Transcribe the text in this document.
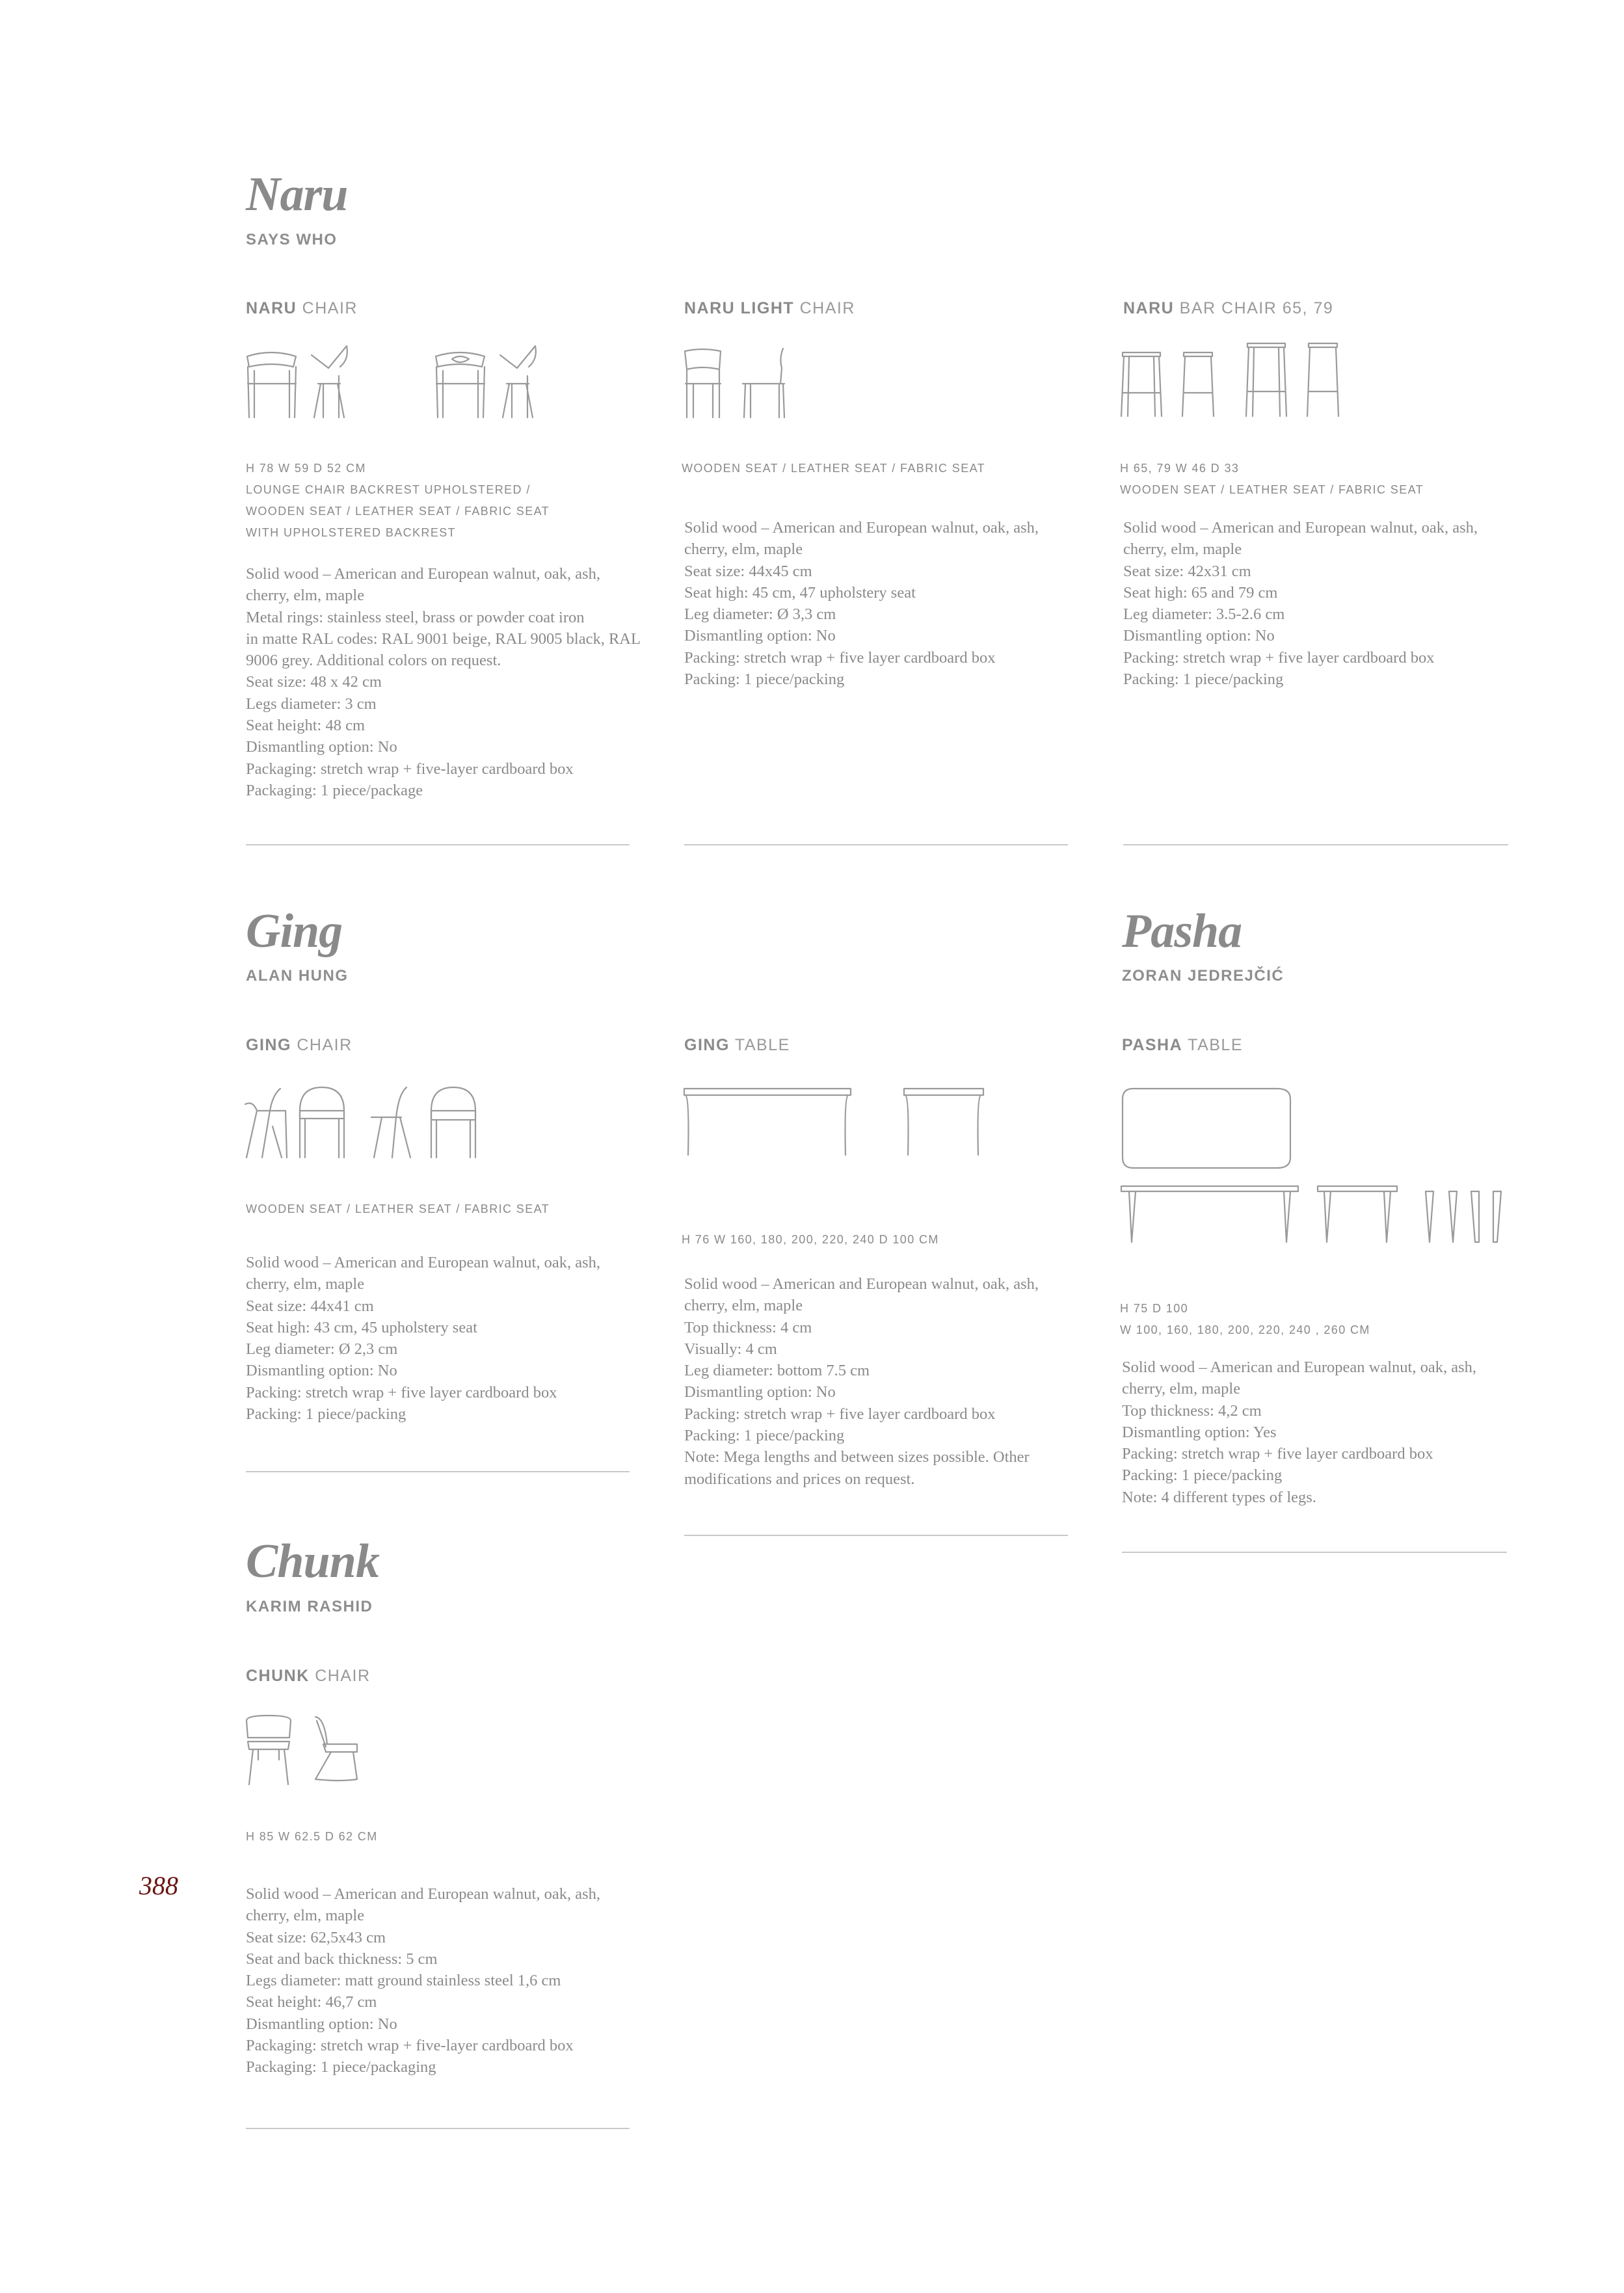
Naru
SAYS WHO
NARU CHAIR
H 78 W 59 D 52 CM
LOUNGE CHAIR BACKREST UPHOLSTERED /
WOODEN SEAT / LEATHER SEAT / FABRIC SEAT
WITH UPHOLSTERED BACKREST
Solid wood – American and European walnut, oak, ash,
cherry, elm, maple
Metal rings: stainless steel, brass or powder coat iron
in matte RAL codes: RAL 9001 beige, RAL 9005 black, RAL
9006 grey. Additional colors on request.
Seat size: 48 x 42 cm
Legs diameter: 3 cm
Seat height: 48 cm
Dismantling option: No
Packaging: stretch wrap + five-layer cardboard box
Packaging: 1 piece/package
NARU LIGHT CHAIR
WOODEN SEAT / LEATHER SEAT / FABRIC SEAT
Solid wood – American and European walnut, oak, ash,
cherry, elm, maple
Seat size: 44x45 cm
Seat high: 45 cm, 47 upholstery seat
Leg diameter: Ø 3,3 cm
Dismantling option: No
Packing: stretch wrap + five layer cardboard box
Packing: 1 piece/packing
NARU BAR CHAIR 65, 79
H 65, 79 W 46 D 33
WOODEN SEAT / LEATHER SEAT / FABRIC SEAT
Solid wood – American and European walnut, oak, ash,
cherry, elm, maple
Seat size: 42x31 cm
Seat high: 65 and 79 cm
Leg diameter: 3.5-2.6 cm
Dismantling option: No
Packing: stretch wrap + five layer cardboard box
Packing: 1 piece/packing
Ging
ALAN HUNG
GING CHAIR
WOODEN SEAT / LEATHER SEAT / FABRIC SEAT
Solid wood – American and European walnut, oak, ash,
cherry, elm, maple
Seat size: 44x41 cm
Seat high: 43 cm, 45 upholstery seat
Leg diameter: Ø 2,3 cm
Dismantling option: No
Packing: stretch wrap + five layer cardboard box
Packing: 1 piece/packing
GING TABLE
H 76 W 160, 180, 200, 220, 240 D 100 CM
Solid wood – American and European walnut, oak, ash,
cherry, elm, maple
Top thickness: 4 cm
Visually: 4 cm
Leg diameter: bottom 7.5 cm
Dismantling option: No
Packing: stretch wrap + five layer cardboard box
Packing: 1 piece/packing
Note: Mega lengths and between sizes possible. Other
modifications and prices on request.
Pasha
ZORAN JEDREJČIĆ
PASHA TABLE
H 75 D 100
W 100, 160, 180, 200, 220, 240 , 260 CM
Solid wood – American and European walnut, oak, ash,
cherry, elm, maple
Top thickness: 4,2 cm
Dismantling option: Yes
Packing: stretch wrap + five layer cardboard box
Packing: 1 piece/packing
Note: 4 different types of legs.
Chunk
KARIM RASHID
CHUNK CHAIR
H 85 W 62.5 D 62 CM
Solid wood – American and European walnut, oak, ash,
cherry, elm, maple
Seat size: 62,5x43 cm
Seat and back thickness: 5 cm
Legs diameter: matt ground stainless steel 1,6 cm
Seat height: 46,7 cm
Dismantling option: No
Packaging: stretch wrap + five-layer cardboard box
Packaging: 1 piece/packaging
388
